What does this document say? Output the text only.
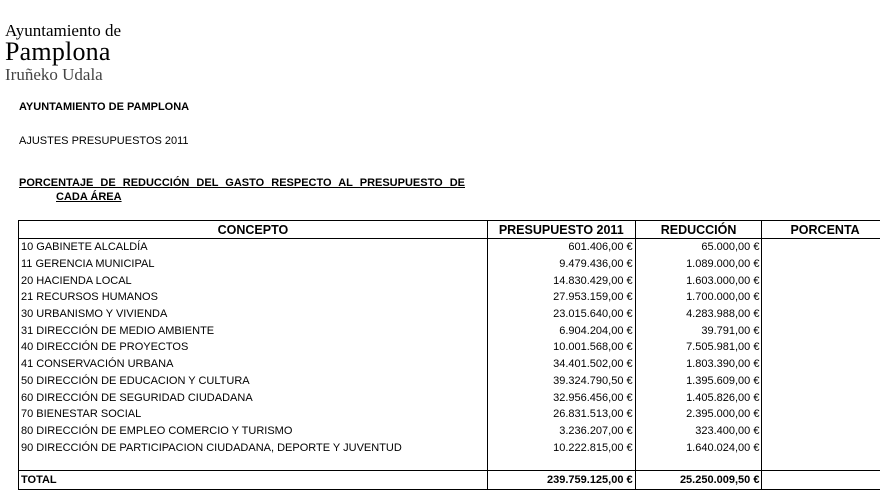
Ayuntamiento de
Pamplona
Iruñeko Udala
AYUNTAMIENTO DE PAMPLONA
AJUSTES PRESUPUESTOS 2011
PORCENTAJE DE REDUCCIÓN DEL GASTO RESPECTO AL PRESUPUESTO DE
CADA ÁREA
CONCEPTO	PRESUPUESTO 2011	REDUCCIÓN	PORCENTA
10 GABINETE ALCALDÍA	601.406,00 €	65.000,00 €	
11 GERENCIA MUNICIPAL	9.479.436,00 €	1.089.000,00 €	
20 HACIENDA LOCAL	14.830.429,00 €	1.603.000,00 €	
21 RECURSOS HUMANOS	27.953.159,00 €	1.700.000,00 €	
30 URBANISMO Y VIVIENDA	23.015.640,00 €	4.283.988,00 €	
31 DIRECCIÓN DE MEDIO AMBIENTE	6.904.204,00 €	39.791,00 €	
40 DIRECCIÓN DE PROYECTOS	10.001.568,00 €	7.505.981,00 €	
41 CONSERVACIÓN URBANA	34.401.502,00 €	1.803.390,00 €	
50 DIRECCIÓN DE EDUCACION Y CULTURA	39.324.790,50 €	1.395.609,00 €	
60 DIRECCIÓN DE SEGURIDAD CIUDADANA	32.956.456,00 €	1.405.826,00 €	
70 BIENESTAR SOCIAL	26.831.513,00 €	2.395.000,00 €	
80 DIRECCIÓN DE EMPLEO COMERCIO Y TURISMO	3.236.207,00 €	323.400,00 €	
90 DIRECCIÓN DE PARTICIPACION CIUDADANA, DEPORTE Y JUVENTUD	10.222.815,00 €	1.640.024,00 €	

TOTAL	239.759.125,00 €	25.250.009,50 €	
